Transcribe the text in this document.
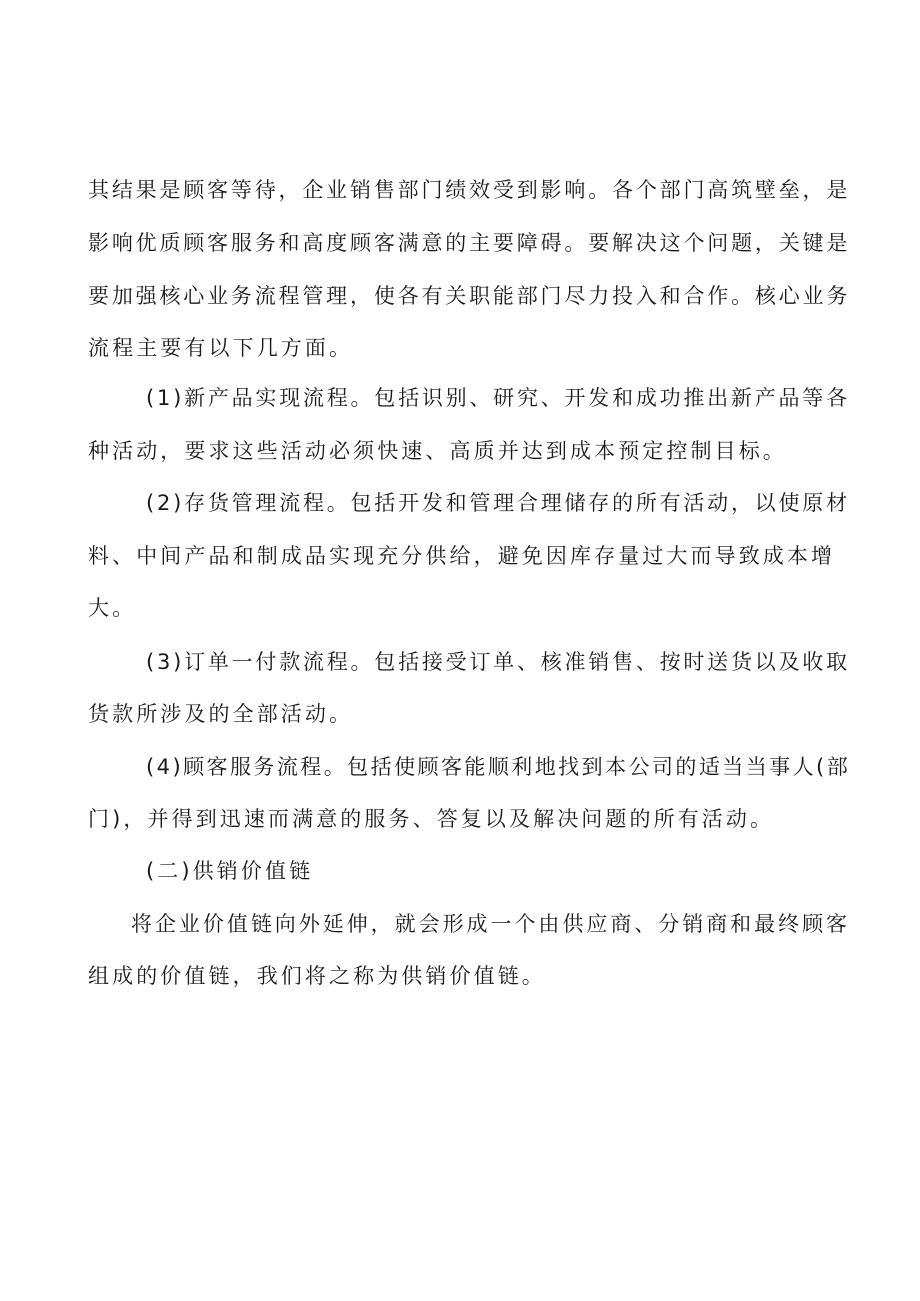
其结果是顾客等待，企业销售部门绩效受到影响。各个部门高筑壁垒，是

影响优质顾客服务和高度顾客满意的主要障碍。要解决这个问题，关键是

要加强核心业务流程管理，使各有关职能部门尽力投入和合作。核心业务

流程主要有以下几方面。

(1)新产品实现流程。包括识别、研究、开发和成功推出新产品等各

种活动，要求这些活动必须快速、高质并达到成本预定控制目标。

(2)存货管理流程。包括开发和管理合理储存的所有活动，以使原材

料、中间产品和制成品实现充分供给，避免因库存量过大而导致成本增

大。

(3)订单一付款流程。包括接受订单、核准销售、按时送货以及收取

货款所涉及的全部活动。

(4)顾客服务流程。包括使顾客能顺利地找到本公司的适当当事人(部

门)，并得到迅速而满意的服务、答复以及解决问题的所有活动。

(二)供销价值链

将企业价值链向外延伸，就会形成一个由供应商、分销商和最终顾客

组成的价值链，我们将之称为供销价值链。
